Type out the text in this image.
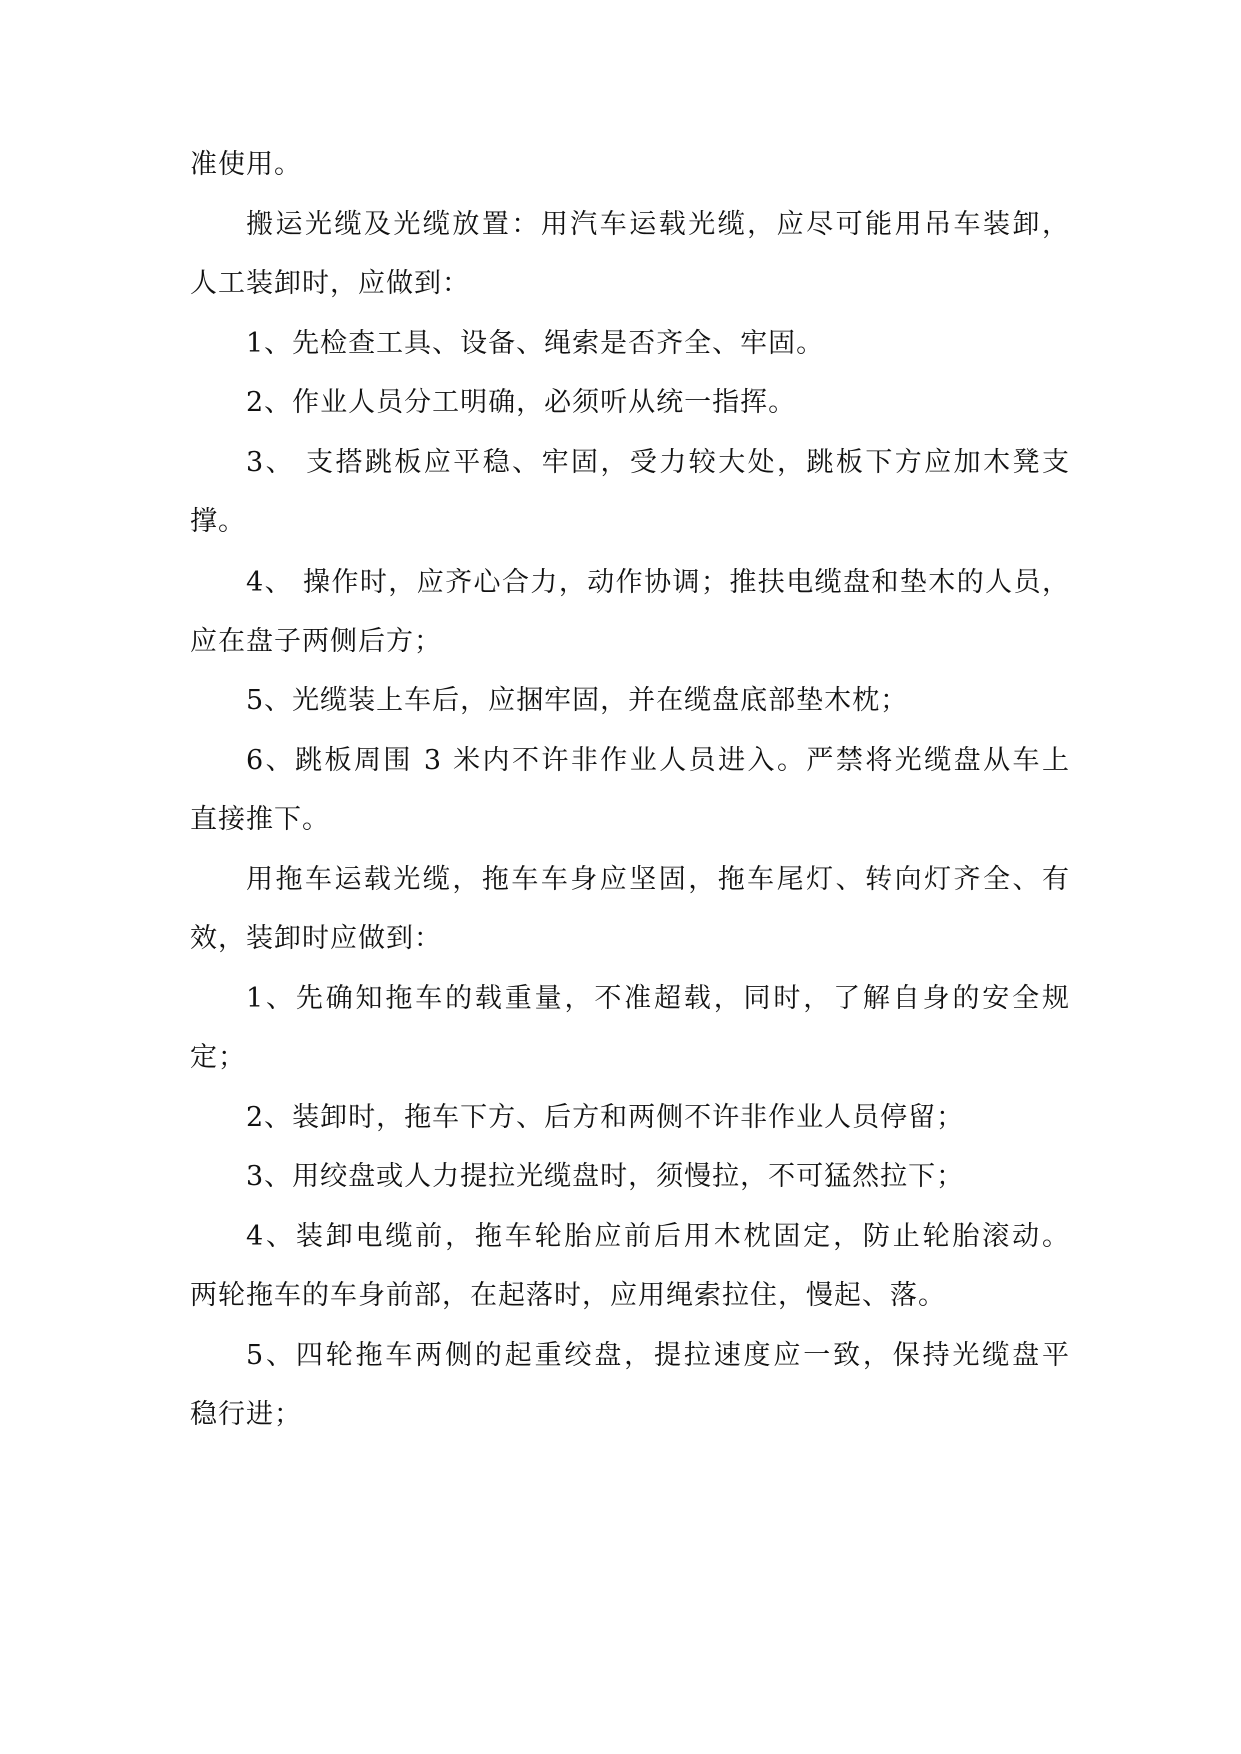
准使用。
搬运光缆及光缆放置：用汽车运载光缆，应尽可能用吊车装卸，
人工装卸时，应做到：
1、先检查工具、设备、绳索是否齐全、牢固。
2、作业人员分工明确，必须听从统一指挥。
3、 支搭跳板应平稳、牢固，受力较大处，跳板下方应加木凳支
撑。
4、 操作时，应齐心合力，动作协调；推扶电缆盘和垫木的人员，
应在盘子两侧后方；
5、光缆装上车后，应捆牢固，并在缆盘底部垫木枕；
6、跳板周围 3 米内不许非作业人员进入。严禁将光缆盘从车上
直接推下。
用拖车运载光缆，拖车车身应坚固，拖车尾灯、转向灯齐全、有
效，装卸时应做到：
1、先确知拖车的载重量，不准超载，同时，了解自身的安全规
定；
2、装卸时，拖车下方、后方和两侧不许非作业人员停留；
3、用绞盘或人力提拉光缆盘时，须慢拉，不可猛然拉下；
4、装卸电缆前，拖车轮胎应前后用木枕固定，防止轮胎滚动。
两轮拖车的车身前部，在起落时，应用绳索拉住，慢起、落。
5、四轮拖车两侧的起重绞盘，提拉速度应一致，保持光缆盘平
稳行进；
